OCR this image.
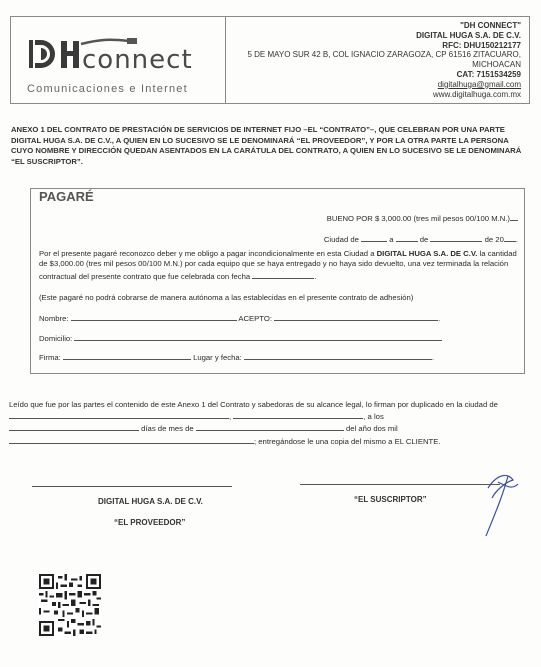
connect
Comunicaciones e Internet
"DH CONNECT"
DIGITAL HUGA S.A. DE C.V.
RFC: DHU150212177
5 DE MAYO SUR 42 B, COL IGNACIO ZARAGOZA, CP 61516 ZITACUARO,
MICHOACAN
CAT: 7151534259
digitalhuga@gmail.com
www.digitalhuga.com.mx
ANEXO 1 DEL CONTRATO DE PRESTACIÓN DE SERVICIOS DE INTERNET FIJO –EL “CONTRATO”–, QUE CELEBRAN POR UNA PARTE DIGITAL HUGA S.A. DE C.V., A QUIEN EN LO SUCESIVO SE LE DENOMINARÁ “EL PROVEEDOR”, Y POR LA OTRA PARTE LA PERSONA CUYO NOMBRE Y DIRECCIÓN QUEDAN ASENTADOS EN LA CARÁTULA DEL CONTRATO, A QUIEN EN LO SUCESIVO SE LE DENOMINARÁ “EL SUSCRIPTOR”.
PAGARÉ
BUENO POR $ 3,000.00 (tres mil pesos 00/100 M.N.)
Ciudad de	a	de	de 20 .
Por el presente pagaré reconozco deber y me obligo a pagar incondicionalmente en esta Ciudad a DIGITAL HUGA S.A. DE C.V. la cantidad de $3,000.00 (tres mil pesos 00/100 M.N.) por cada equipo que se haya entregado y no haya sido devuelto, una vez terminada la relación contractual del presente contrato que fue celebrada con fecha	.
(Este pagaré no podrá cobrarse de manera autónoma a las establecidas en el presente contrato de adhesión)
Nombre:	ACEPTO:	.
Domicilio:
Firma:	Lugar y fecha:	.
Leído que fue por las partes el contenido de este Anexo 1 del Contrato y sabedoras de su alcance legal, lo firman por duplicado en la ciudad de ,	, a los
días de mes de	del año dos mil
; entregándose le una copia del mismo a EL CLIENTE.
DIGITAL HUGA S.A. DE C.V.
“EL PROVEEDOR”
“EL SUSCRIPTOR”
